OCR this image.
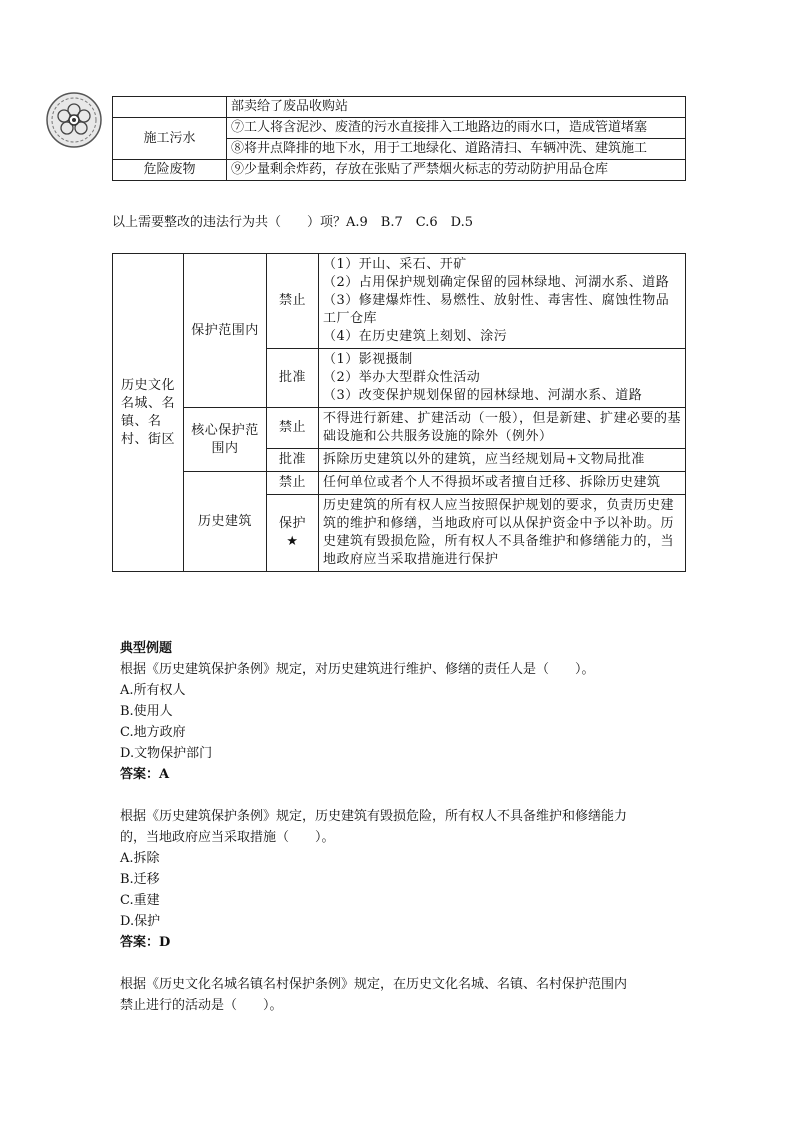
	部卖给了废品收购站
施工污水	⑦工人将含泥沙、废渣的污水直接排入工地路边的雨水口，造成管道堵塞
⑧将井点降排的地下水，用于工地绿化、道路清扫、车辆冲洗、建筑施工

危险废物	⑨少量剩余炸药，存放在张贴了严禁烟火标志的劳动防护用品仓库
以上需要整改的违法行为共（　　）项？A.9　B.7　C.6　D.5
历史文化名城、名镇、名村、街区	保护范围内	禁止	（1）开山、采石、开矿
（2）占用保护规划确定保留的园林绿地、河湖水系、道路
（3）修建爆炸性、易燃性、放射性、毒害性、腐蚀性物品工厂仓库
（4）在历史建筑上刻划、涂污

		批准	（1）影视摄制
（2）举办大型群众性活动
（3）改变保护规划保留的园林绿地、河湖水系、道路

	核心保护范围内	禁止	不得进行新建、扩建活动（一般），但是新建、扩建必要的基础设施和公共服务设施的除外（例外）
		批准	拆除历史建筑以外的建筑，应当经规划局+文物局批准
	历史建筑	禁止	任何单位或者个人不得损坏或者擅自迁移、拆除历史建筑

		保护
★	历史建筑的所有权人应当按照保护规划的要求，负责历史建筑的维护和修缮，当地政府可以从保护资金中予以补助。历史建筑有毁损危险，所有权人不具备维护和修缮能力的，当地政府应当采取措施进行保护

典型例题

根据《历史建筑保护条例》规定，对历史建筑进行维护、修缮的责任人是（　　）。

A.所有权人

B.使用人

C.地方政府

D.文物保护部门

答案：A

根据《历史建筑保护条例》规定，历史建筑有毁损危险，所有权人不具备维护和修缮能力

的，当地政府应当采取措施（　　）。

A.拆除

B.迁移

C.重建

D.保护

答案：D

根据《历史文化名城名镇名村保护条例》规定，在历史文化名城、名镇、名村保护范围内

禁止进行的活动是（　　）。
